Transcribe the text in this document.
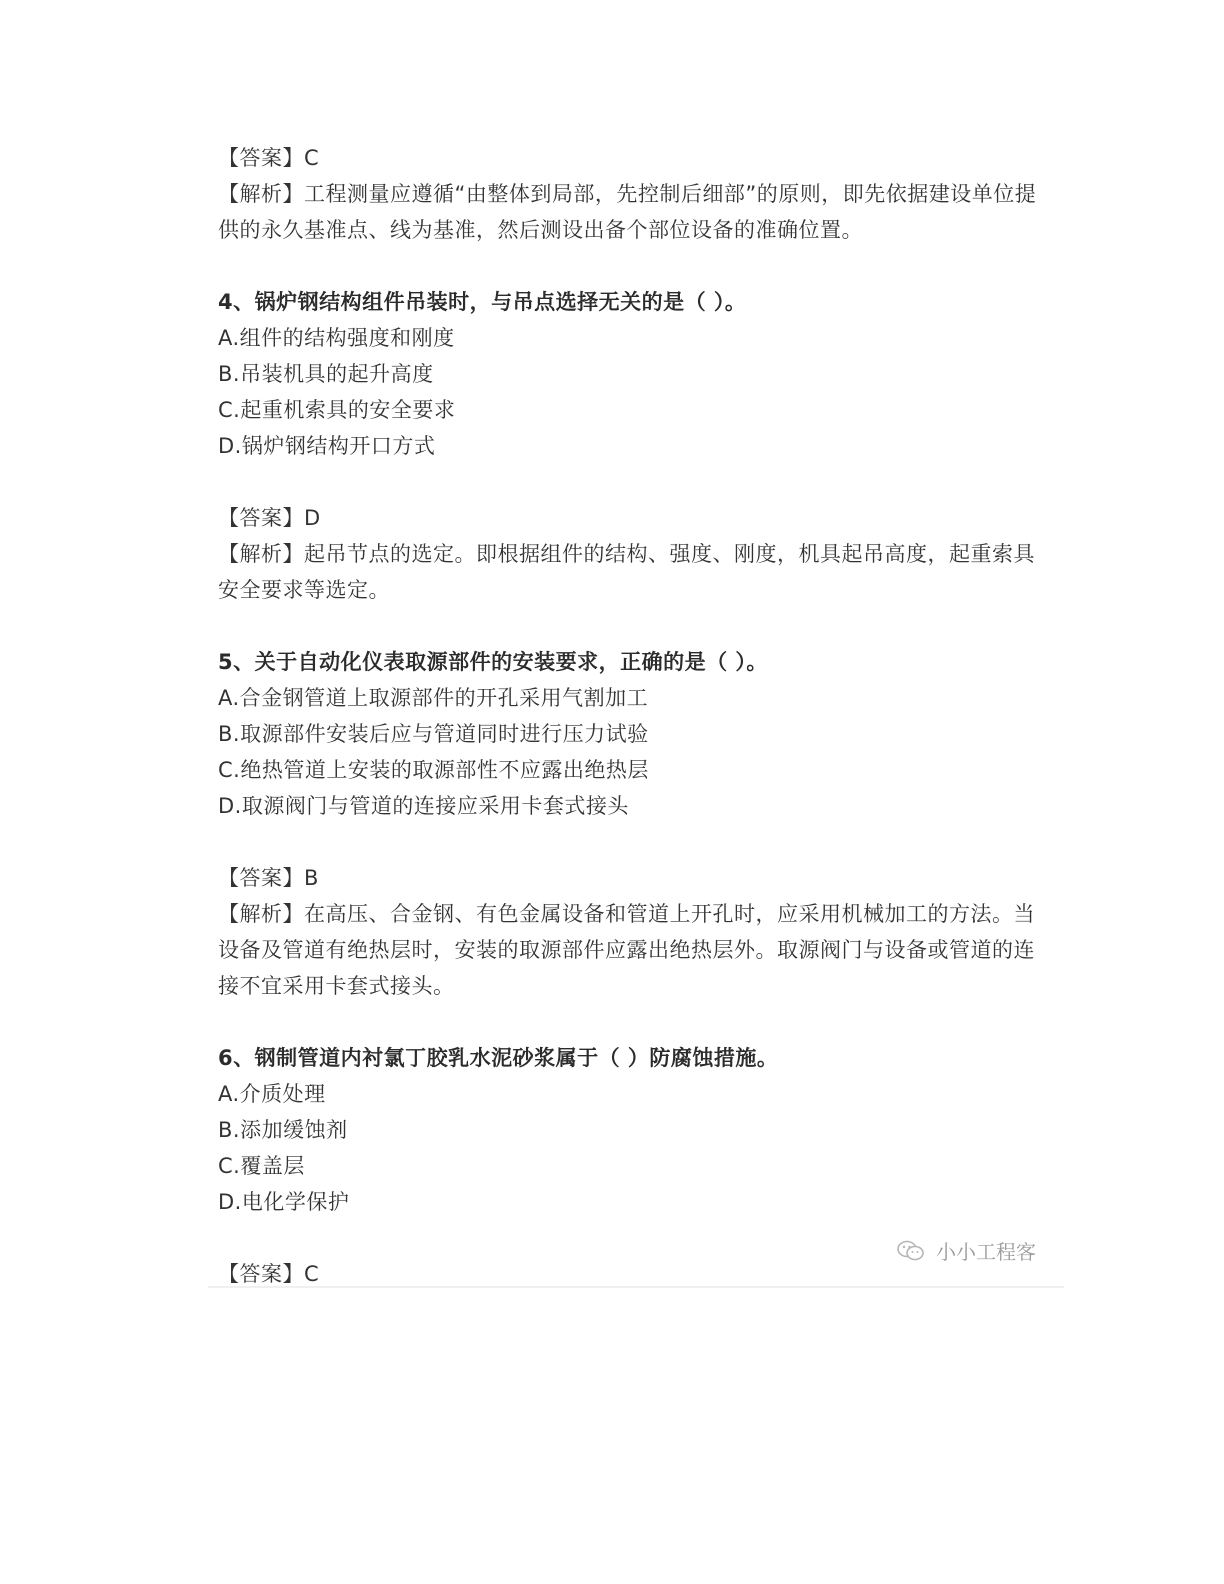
【答案】C
【解析】工程测量应遵循“由整体到局部，先控制后细部”的原则，即先依据建设单位提供的永久基准点、线为基准，然后测设出备个部位设备的准确位置。
4、锅炉钢结构组件吊装时，与吊点选择无关的是（ ）。
A.组件的结构强度和刚度
B.吊装机具的起升高度
C.起重机索具的安全要求
D.锅炉钢结构开口方式
【答案】D
【解析】起吊节点的选定。即根据组件的结构、强度、刚度，机具起吊高度，起重索具安全要求等选定。
5、关于自动化仪表取源部件的安装要求，正确的是（ ）。
A.合金钢管道上取源部件的开孔采用气割加工
B.取源部件安装后应与管道同时进行压力试验
C.绝热管道上安装的取源部性不应露出绝热层
D.取源阀门与管道的连接应采用卡套式接头
【答案】B
【解析】在高压、合金钢、有色金属设备和管道上开孔时，应采用机械加工的方法。当设备及管道有绝热层时，安装的取源部件应露出绝热层外。取源阀门与设备或管道的连接不宜采用卡套式接头。
6、钢制管道内衬氯丁胶乳水泥砂浆属于（ ）防腐蚀措施。
A.介质处理
B.添加缓蚀剂
C.覆盖层
D.电化学保护
【答案】C
小小工程客
